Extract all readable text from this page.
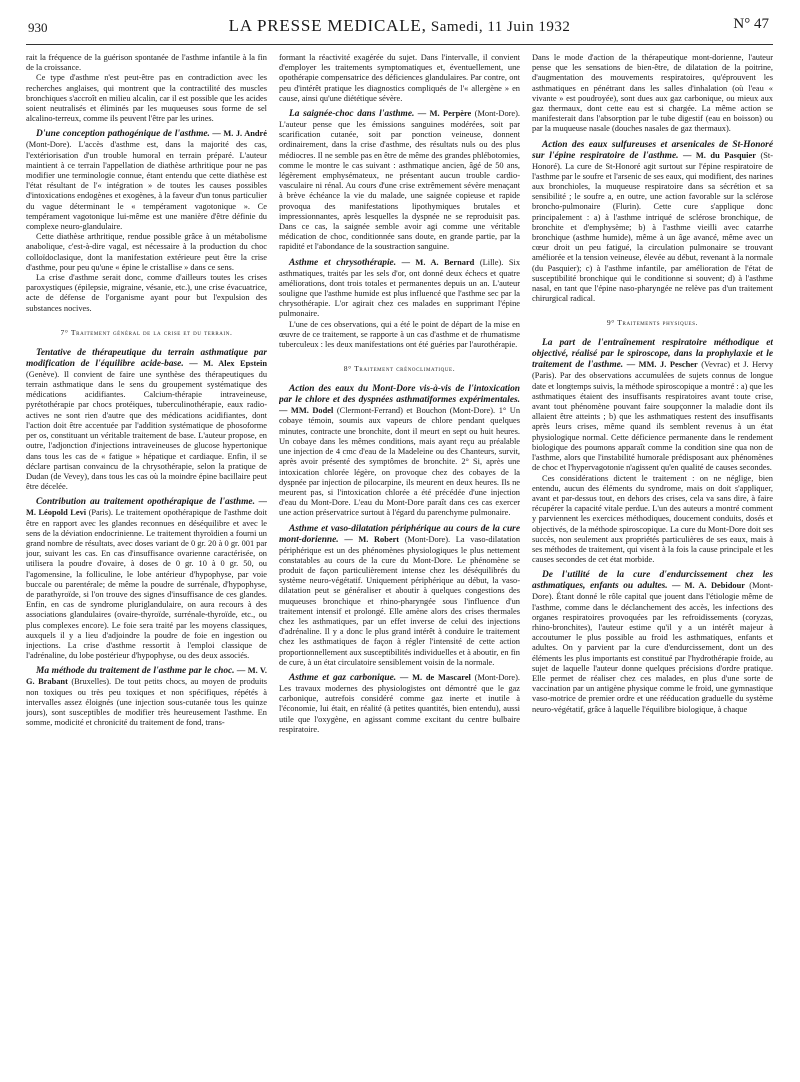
930	LA PRESSE MEDICALE, Samedi, 11 Juin 1932	N° 47

rait la fréquence de la guérison spontanée de l'asthme infantile à la fin de la croissance.

Ce type d'asthme n'est peut-être pas en contradiction avec les recherches anglaises, qui montrent que la contractilité des muscles bronchiques s'accroît en milieu alcalin, car il est possible que les acides soient neutralisés et éliminés par les muqueuses sous forme de sel alcalino-terreux, comme ils peuvent l'être par les urines.

D'une conception pathogénique de l'asthme. — M. J. André (Mont-Dore). L'accès d'asthme est, dans la majorité des cas, l'extériorisation d'un trouble humoral en terrain préparé. L'auteur maintient à ce terrain l'appellation de diathèse arthritique pour ne pas modifier une terminologie connue, étant entendu que cette diathèse est l'état résultant de l'« intégration » de toutes les causes possibles d'intoxications endogènes et exogènes, à la faveur d'un tonus particulier du vague déterminant le « tempérament vagotonique ». Ce tempérament vagotonique lui-même est une manière d'être définie du complexe neuro-glandulaire.

Cette diathèse arthritique, rendue possible grâce à un métabolisme anabolique, c'est-à-dire vagal, est nécessaire à la production du choc colloïdoclasique, dont la manifestation extérieure peut être la crise d'asthme, pour peu qu'une « épine le cristallise » dans ce sens.

La crise d'asthme serait donc, comme d'ailleurs toutes les crises paroxystiques (épilepsie, migraine, vésanie, etc.), une crise évacuatrice, acte de défense de l'organisme ayant pour but l'expulsion des substances nocives.

7° Traitement général de la crise et du terrain.

Tentative de thérapeutique du terrain asthmatique par modification de l'équilibre acide-base. — M. Alex Epstein (Genève). Il convient de faire une synthèse des thérapeutiques du terrain asthmatique dans le sens du groupement systématique des médications acidifiantes. Calcium-thérapie intraveineuse, pyrétothérapie par chocs protéiques, tuberculinothérapie, eaux radio-actives ne sont rien d'autre que des médications acidifiantes, dont l'action doit être accentuée par l'addition systématique de phosoforme per os, constituant un véritable traitement de base. L'auteur propose, en outre, l'adjonction d'injections intraveineuses de glucose hypertonique dans tous les cas de « fatigue » hépatique et cardiaque. Enfin, il se déclare partisan convaincu de la chrysothérapie, selon la pratique de Dudan (de Vevey), dans tous les cas où la moindre épine bacillaire peut être décelée.

Contribution au traitement opothérapique de l'asthme. — M. Léopold Levi (Paris). Le traitement opothérapique de l'asthme doit être en rapport avec les glandes reconnues en déséquilibre et avec le sens de la déviation endocrinienne. Le traitement thyroïdien a fourni un grand nombre de résultats, avec doses variant de 0 gr. 20 à 0 gr. 001 par jour, suivant les cas. En cas d'insuffisance ovarienne caractérisée, on utilisera la poudre d'ovaire, à doses de 0 gr. 10 à 0 gr. 50, ou l'agomensine, la folliculine, le lobe antérieur d'hypophyse, par voie buccale ou parentérale; de même la poudre de surrénale, d'hypophyse, de parathyroïde, si l'on trouve des signes d'insuffisance de ces glandes. Enfin, en cas de syndrome pluriglandulaire, on aura recours à des associations glandulaires (ovaire-thyroïde, surrénale-thyroïde, etc., ou plus complexes encore). Le foie sera traité par les moyens classiques, auxquels il y a lieu d'adjoindre la poudre de foie en ingestion ou injections. La crise d'asthme ressortit à l'emploi classique de l'adrénaline, du lobe postérieur d'hypophyse, ou des deux associés.

Ma méthode du traitement de l'asthme par le choc. — M. V. G. Brabant (Bruxelles). De tout petits chocs, au moyen de produits non toxiques ou très peu toxiques et non spécifiques, répétés à intervalles assez éloignés (une injection sous-cutanée tous les quinze jours), sont susceptibles de modifier très heureusement l'asthme. En somme, modicité et chronicité du traitement de fond, trans-

formant la réactivité exagérée du sujet. Dans l'intervalle, il convient d'employer les traitements symptomatiques et, éventuellement, une opothérapie compensatrice des déficiences glandulaires. Par contre, ont peu d'intérêt pratique les diagnostics compliqués de l'« allergène » en cause, ainsi qu'une diététique sévère.

La saignée-choc dans l'asthme. — M. Perpère (Mont-Dore). L'auteur pense que les émissions sanguines modérées, soit par scarification cutanée, soit par ponction veineuse, donnent ordinairement, dans la crise d'asthme, des résultats nuls ou des plus médiocres. Il ne semble pas en être de même des grandes phlébotomies, comme le montre le cas suivant : asthmatique ancien, âgé de 50 ans, légèrement emphysémateux, ne présentant aucun trouble cardio-vasculaire ni rénal. Au cours d'une crise extrêmement sévère menaçant à brève échéance la vie du malade, une saignée copieuse et rapide provoqua des manifestations lipothymiques brutales et impressionnantes, après lesquelles la dyspnée ne se reproduisit pas. Dans ce cas, la saignée semble avoir agi comme une véritable médication de choc, conditionnée sans doute, en grande partie, par la rapidité et l'abondance de la soustraction sanguine.

Asthme et chrysothérapie. — M. A. Bernard (Lille). Six asthmatiques, traités par les sels d'or, ont donné deux échecs et quatre améliorations, dont trois totales et permanentes depuis un an. L'auteur souligne que l'asthme humide est plus influencé que l'asthme sec par la chrysothérapie. L'or agirait chez ces malades en supprimant l'épine pulmonaire.

L'une de ces observations, qui a été le point de départ de la mise en œuvre de ce traitement, se rapporte à un cas d'asthme et de rhumatisme tuberculeux : les deux manifestations ont été guéries par l'aurothérapie.

8° Traitement crénoclimatique.

Action des eaux du Mont-Dore vis-à-vis de l'intoxication par le chlore et des dyspnées asthmatiformes expérimentales. — MM. Dodel (Clermont-Ferrand) et Bouchon (Mont-Dore). 1° Un cobaye témoin, soumis aux vapeurs de chlore pendant quelques minutes, contracte une bronchite, dont il meurt en sept ou huit heures. Un cobaye dans les mêmes conditions, mais ayant reçu au préalable une injection de 4 cmc d'eau de la Madeleine ou des Chanteurs, survit, après avoir présenté des symptômes de bronchite. 2° Si, après une intoxication chlorée légère, on provoque chez des cobayes de la dyspnée par injection de pilocarpine, ils meurent en deux heures. Ils ne meurent pas, si l'intoxication chlorée a été précédée d'une injection d'eau du Mont-Dore. L'eau du Mont-Dore paraît dans ces cas exercer une action préservatrice surtout à l'égard du parenchyme pulmonaire.

Asthme et vaso-dilatation périphérique au cours de la cure mont-dorienne. — M. Robert (Mont-Dore). La vaso-dilatation périphérique est un des phénomènes physiologiques le plus nettement constatables au cours de la cure du Mont-Dore. Le phénomène se produit de façon particulièrement intense chez les déséquilibrés du système neuro-végétatif. Uniquement périphérique au début, la vaso-dilatation peut se généraliser et aboutir à quelques congestions des muqueuses bronchique et rhino-pharyngée sous l'influence d'un traitement intensif et prolongé. Elle amène alors des crises thermales chez les asthmatiques, par un effet inverse de celui des injections d'adrénaline. Il y a donc le plus grand intérêt à conduire le traitement chez les asthmatiques de façon à régler l'intensité de cette action proportionnellement aux susceptibilités individuelles et à aboutir, en fin de cure, à un état circulatoire sensiblement voisin de la normale.

Asthme et gaz carbonique. — M. de Mascarel (Mont-Dore). Les travaux modernes des physiologistes ont démontré que le gaz carbonique, autrefois considéré comme gaz inerte et inutile à l'économie, lui était, en réalité (à petites quantités, bien entendu), aussi utile que l'oxygène, en agissant comme excitant du centre bulbaire respiratoire.

Dans le mode d'action de la thérapeutique mont-dorienne, l'auteur pense que les sensations de bien-être, de dilatation de la poitrine, d'augmentation des mouvements respiratoires, qu'éprouvent les asthmatiques en pénétrant dans les salles d'inhalation (où l'eau « vivante » est poudroyée), sont dues aux gaz carbonique, ou mieux aux gaz thermaux, dont cette eau est si chargée. La même action se manifesterait dans l'absorption par le tube digestif (eau en boisson) ou par la muqueuse nasale (douches nasales de gaz thermaux).

Action des eaux sulfureuses et arsenicales de St-Honoré sur l'épine respiratoire de l'asthme. — M. du Pasquier (St-Honoré). La cure de St-Honoré agit surtout sur l'épine respiratoire de l'asthme par le soufre et l'arsenic de ses eaux, qui modifient, des narines aux bronchioles, la muqueuse respiratoire dans sa sécrétion et sa sensibilité ; le soufre a, en outre, une action favorable sur la sclérose broncho-pulmonaire (Flurin). Cette cure s'applique donc principalement : a) à l'asthme intriqué de sclérose bronchique, de bronchite et d'emphysème; b) à l'asthme vieilli avec catarrhe bronchique (asthme humide), même à un âge avancé, même avec un cœur droit un peu fatigué, la circulation pulmonaire se trouvant améliorée et la tension veineuse, élevée au début, revenant à la normale (du Pasquier); c) à l'asthme infantile, par amélioration de l'état de susceptibilité bronchique qui le conditionne si souvent; d) à l'asthme nasal, en tant que l'épine naso-pharyngée ne relève pas d'un traitement chirurgical radical.

9° Traitements physiques.

La part de l'entraînement respiratoire méthodique et objectivé, réalisé par le spiroscope, dans la prophylaxie et le traitement de l'asthme. — MM. J. Pescher (Vevrac) et J. Hervy (Paris). Par des observations accumulées de sujets connus de longue date et longtemps suivis, la méthode spiroscopique a montré : a) que les asthmatiques étaient des insuffisants respiratoires avant toute crise, avant tout phénomène pouvant faire soupçonner la maladie dont ils allaient être atteints ; b) que les asthmatiques restent des insuffisants après leurs crises, même quand ils semblent revenus à un état physiologique normal. Cette déficience permanente dans le rendement biologique des poumons apparaît comme la condition sine qua non de l'asthme, alors que l'instabilité humorale prédisposant aux phénomènes de choc et l'hypervagotonie n'agissent qu'en qualité de causes secondes.

Ces considérations dictent le traitement : on ne néglige, bien entendu, aucun des éléments du syndrome, mais on doit s'appliquer, avant et par-dessus tout, en dehors des crises, cela va sans dire, à faire récupérer la capacité vitale perdue. L'un des auteurs a montré comment y parviennent les exercices méthodiques, doucement conduits, dosés et objectivés, de la méthode spiroscopique. La cure du Mont-Dore doit ses succès, non seulement aux propriétés particulières de ses eaux, mais à ses méthodes de traitement, qui visent à la fois la cause principale et les causes secondes de cet état morbide.

De l'utilité de la cure d'endurcissement chez les asthmatiques, enfants ou adultes. — M. A. Debidour (Mont-Dore). Étant donné le rôle capital que jouent dans l'étiologie même de l'asthme, comme dans le déclanchement des accès, les infections des organes respiratoires provoquées par les refroidissements (coryzas, rhino-bronchites), l'auteur estime qu'il y a un intérêt majeur à accoutumer le plus possible au froid les asthmatiques, enfants et adultes. On y parvient par la cure d'endurcissement, dont un des éléments les plus importants est constitué par l'hydrothérapie froide, au sujet de laquelle l'auteur donne quelques précisions d'ordre pratique. Elle permet de réaliser chez ces malades, en plus d'une sorte de vaccination par un antigène physique comme le froid, une gymnastique vaso-motrice de premier ordre et une rééducation graduelle du système neuro-végétatif, grâce à laquelle l'équilibre biologique, à chaque
